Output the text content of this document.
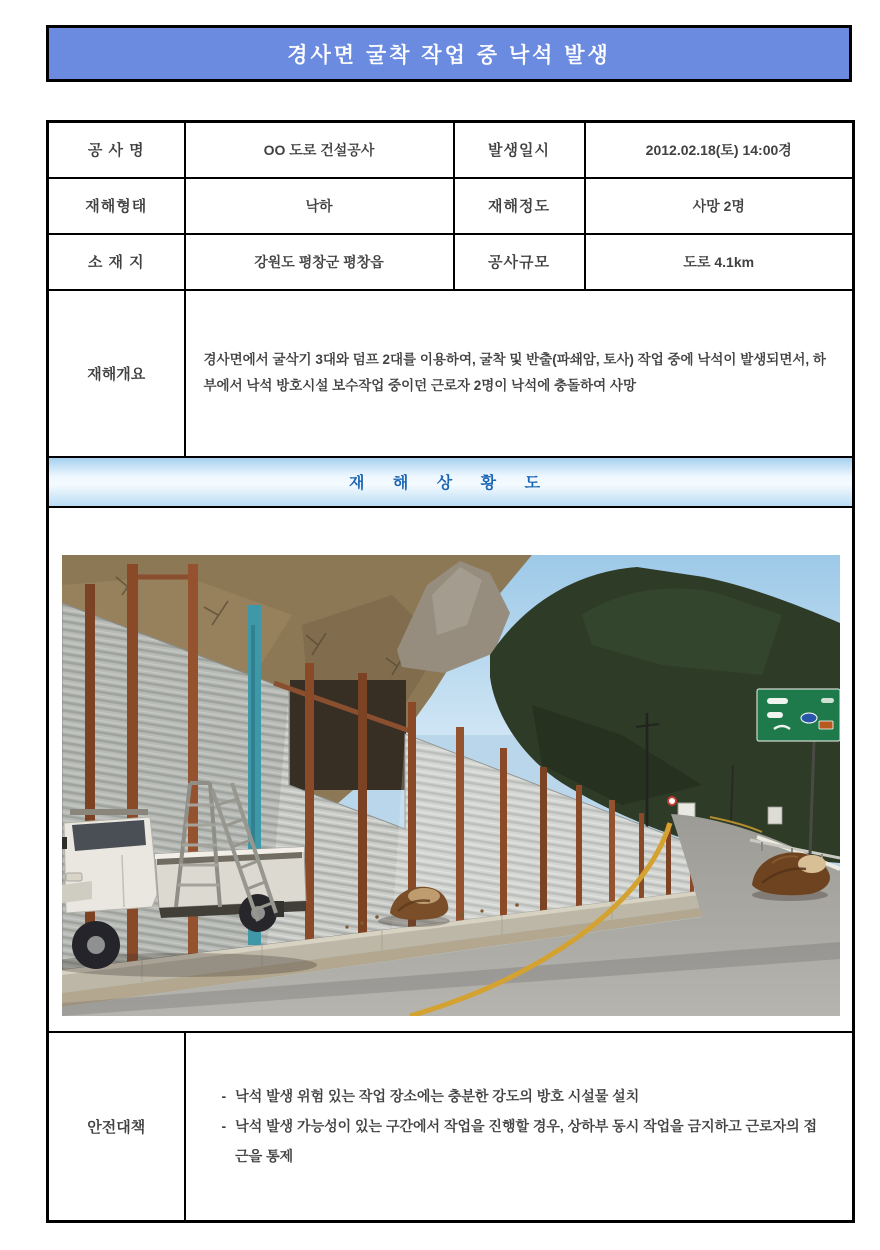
경사면 굴착 작업 중 낙석 발생
공 사 명	OO 도로 건설공사	발생일시	2012.02.18(토) 14:00경
재해형태	낙하	재해정도	사망 2명
소 재 지	강원도 평창군 평창읍	공사규모	도로 4.1km
재해개요	경사면에서 굴삭기 3대와 덤프 2대를 이용하여, 굴착 및 반출(파쇄암, 토사) 작업 중에 낙석이 발생되면서, 하부에서 낙석 방호시설 보수작업 중이던 근로자 2명이 낙석에 충돌하여 사망		

재 해 상 황 도			

안전대책	- 낙석 발생 위험 있는 작업 장소에는 충분한 강도의 방호 시설물 설치
- 낙석 발생 가능성이 있는 구간에서 작업을 진행할 경우, 상하부 동시 작업을 금지하고 근로자의 접근을 통제		
